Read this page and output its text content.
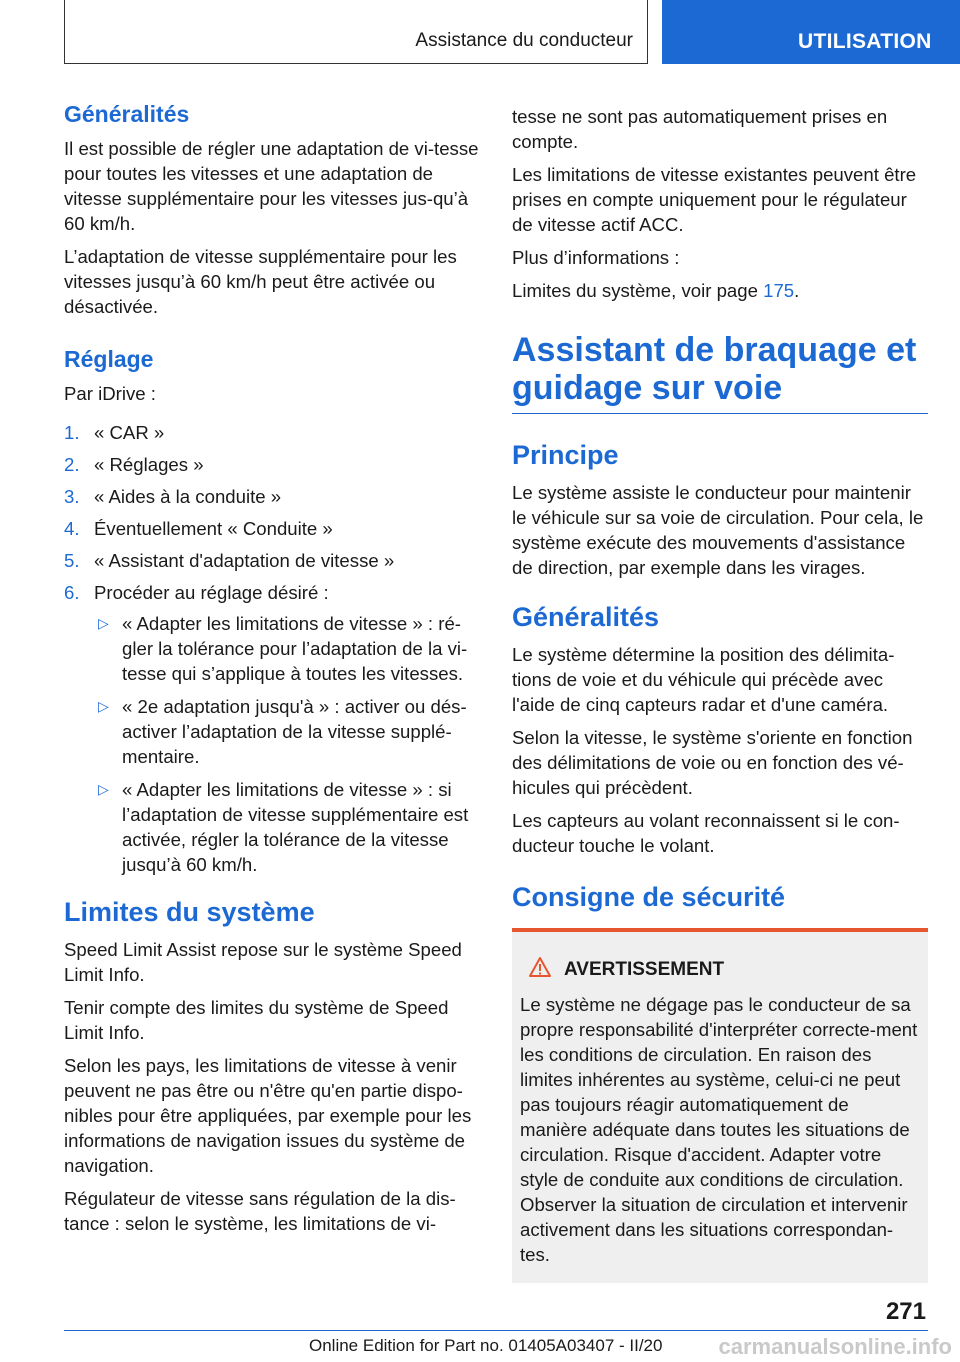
Assistance du conducteur	UTILISATION
Généralités

Il est possible de régler une adaptation de vi-tesse pour toutes les vitesses et une adaptation de vitesse supplémentaire pour les vitesses jus-qu’à 60 km/h.

L’adaptation de vitesse supplémentaire pour les vitesses jusqu’à 60 km/h peut être activée ou désactivée.

Réglage

Par iDrive :

1. « CAR »
2. « Réglages »
3. « Aides à la conduite »
4. Éventuellement « Conduite »
5. « Assistant d'adaptation de vitesse »
6. Procéder au réglage désiré :
▷ « Adapter les limitations de vitesse » : ré-gler la tolérance pour l’adaptation de la vi-tesse qui s’applique à toutes les vitesses.
▷ « 2e adaptation jusqu'à » : activer ou dés-activer l’adaptation de la vitesse supplé-mentaire.
▷ « Adapter les limitations de vitesse » : si l’adaptation de vitesse supplémentaire est activée, régler la tolérance de la vitesse jusqu’à 60 km/h.
Limites du système

Speed Limit Assist repose sur le système Speed Limit Info.

Tenir compte des limites du système de Speed Limit Info.

Selon les pays, les limitations de vitesse à venir peuvent ne pas être ou n'être qu'en partie dispo-nibles pour être appliquées, par exemple pour les informations de navigation issues du système de navigation.

Régulateur de vitesse sans régulation de la dis-tance : selon le système, les limitations de vi-

tesse ne sont pas automatiquement prises en compte.

Les limitations de vitesse existantes peuvent être prises en compte uniquement pour le régulateur de vitesse actif ACC.

Plus d’informations :

Limites du système, voir page 175.

Assistant de braquage et guidage sur voie
Principe

Le système assiste le conducteur pour maintenir le véhicule sur sa voie de circulation. Pour cela, le système exécute des mouvements d'assistance de direction, par exemple dans les virages.

Généralités

Le système détermine la position des délimita-tions de voie et du véhicule qui précède avec l'aide de cinq capteurs radar et d'une caméra.

Selon la vitesse, le système s'oriente en fonction des délimitations de voie ou en fonction des vé-hicules qui précèdent.

Les capteurs au volant reconnaissent si le con-ducteur touche le volant.

Consigne de sécurité
AVERTISSEMENT

Le système ne dégage pas le conducteur de sa propre responsabilité d'interpréter correcte-ment les conditions de circulation. En raison des limites inhérentes au système, celui-ci ne peut pas toujours réagir automatiquement de manière adéquate dans toutes les situations de circulation. Risque d'accident. Adapter votre style de conduite aux conditions de circulation. Observer la situation de circulation et intervenir activement dans les situations correspondan-tes.

271
Online Edition for Part no. 01405A03407 - II/20	carmanualsonline.info
